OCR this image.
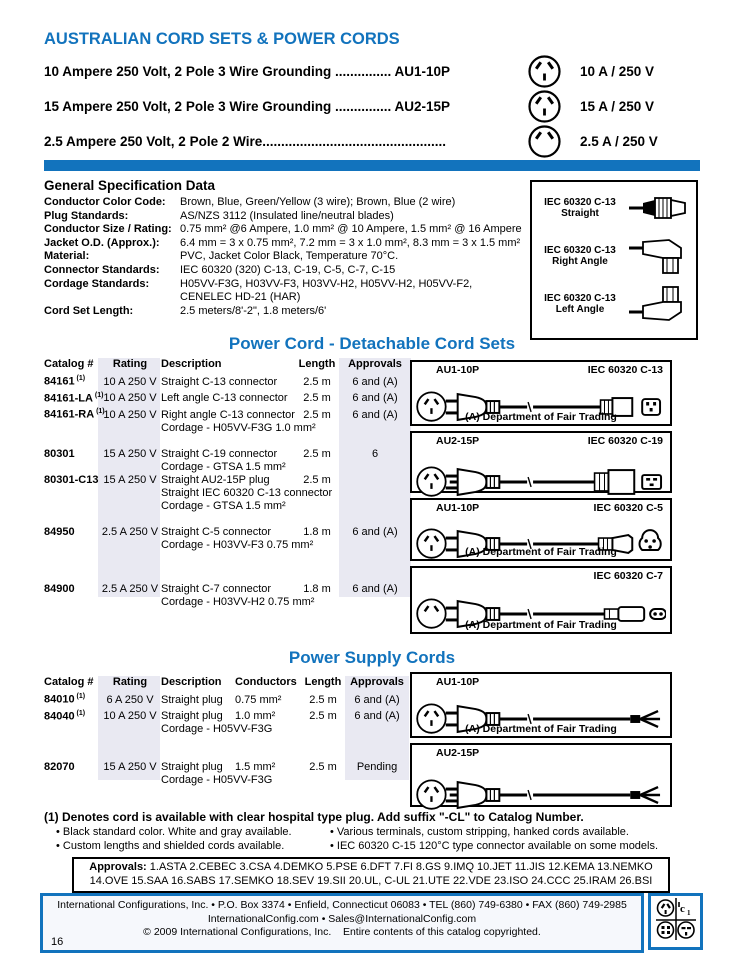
AUSTRALIAN CORD SETS & POWER CORDS
10 Ampere 250 Volt, 2 Pole 3 Wire Grounding ............... AU1-10P	10 A / 250 V
15 Ampere 250 Volt, 2 Pole 3 Wire Grounding ............... AU2-15P	15 A / 250 V
2.5 Ampere 250 Volt, 2 Pole 2 Wire.................................................	2.5 A / 250 V
General Specification Data
Conductor Color Code:	Brown, Blue, Green/Yellow (3 wire); Brown, Blue (2 wire)
Plug Standards:	AS/NZS 3112 (Insulated line/neutral blades)
Conductor Size / Rating: 0.75 mm² @6 Ampere, 1.0 mm² @ 10 Ampere, 1.5 mm² @ 16 Ampere
Jacket O.D. (Approx.):	6.4 mm = 3 x 0.75 mm², 7.2 mm = 3 x 1.0 mm², 8.3 mm = 3 x 1.5 mm²
Material:	PVC, Jacket Color Black, Temperature 70°C.
Connector Standards:	IEC 60320 (320) C-13, C-19, C-5, C-7, C-15
Cordage Standards:	H05VV-F3G, H03VV-F3, H03VV-H2, H05VV-H2, H05VV-F2,
CENELEC HD-21 (HAR)
Cord Set Length:	2.5 meters/8'-2", 1.8 meters/6'
IEC 60320 C-13
Straight
IEC 60320 C-13
Right Angle
IEC 60320 C-13
Left Angle
Power Cord - Detachable Cord Sets
Catalog #	Rating	Description	Length	Approvals
84161 $^{(1)}$	10 A 250 V Straight C-13 connector	2.5 m	6 and (A)
84161-LA $^{(1)}$ 10 A 250 V Left angle C-13 connector	2.5 m	6 and (A)
84161-RA $^{(1)}$
10 A 250 V Right angle C-13 connector 2.5 m	6 and (A)
Cordage - H05VV-F3G 1.0 mm²
80301	15 A 250 V Straight C-19 connector	2.5 m	6
Cordage - GTSA 1.5 mm²
80301-C13 15 A 250 V Straight AU2-15P plug	2.5 m
Straight IEC 60320 C-13 connector
Cordage - GTSA 1.5 mm²
84950	2.5 A 250 V Straight C-5 connector	1.8 m	6 and (A)
Cordage - H03VV-F3 0.75 mm²
84900	2.5 A 250 V Straight C-7 connector	1.8 m	6 and (A)
Cordage - H03VV-H2 0.75 mm²
AU1-10P	IEC 60320 C-13
(A) Department of Fair Trading
AU2-15P	IEC 60320 C-19
AU1-10P	IEC 60320 C-5
(A) Department of Fair Trading
IEC 60320 C-7
(A) Department of Fair Trading
Power Supply Cords
Catalog #	Rating	Description	Conductors Length Approvals
84010 $^{(1)}$	6 A 250 V Straight plug	0.75 mm²	2.5 m	6 and (A)
84040 $^{(1)}$	10 A 250 V Straight plug	1.0 mm²	2.5 m	6 and (A)
Cordage - H05VV-F3G
82070	15 A 250 V Straight plug	1.5 mm²	2.5 m	Pending
Cordage - H05VV-F3G
AU1-10P
(A) Department of Fair Trading
AU2-15P
(1) Denotes cord is available with clear hospital type plug. Add suffix "-CL" to Catalog Number.
• Black standard color. White and gray available.	• Various terminals, custom stripping, hanked cords available.
• Custom lengths and shielded cords available.	• IEC 60320 C-15 120°C type connector available on some models.
Approvals: 1.ASTA 2.CEBEC 3.CSA 4.DEMKO 5.PSE 6.DFT 7.FI 8.GS 9.IMQ 10.JET 11.JIS 12.KEMA 13.NEMKO
14.OVE 15.SAA 16.SABS 17.SEMKO 18.SEV 19.SII 20.UL, C-UL 21.UTE 22.VDE 23.ISO 24.CCC 25.IRAM 26.BSI
International Configurations, Inc. • P.O. Box 3374 • Enfield, Connecticut 06083 • TEL (860) 749-6380 • FAX (860) 749-2985
InternationalConfig.com • Sales@InternationalConfig.com
© 2009 International Configurations, Inc.    Entire contents of this catalog copyrighted.
16
c 1
